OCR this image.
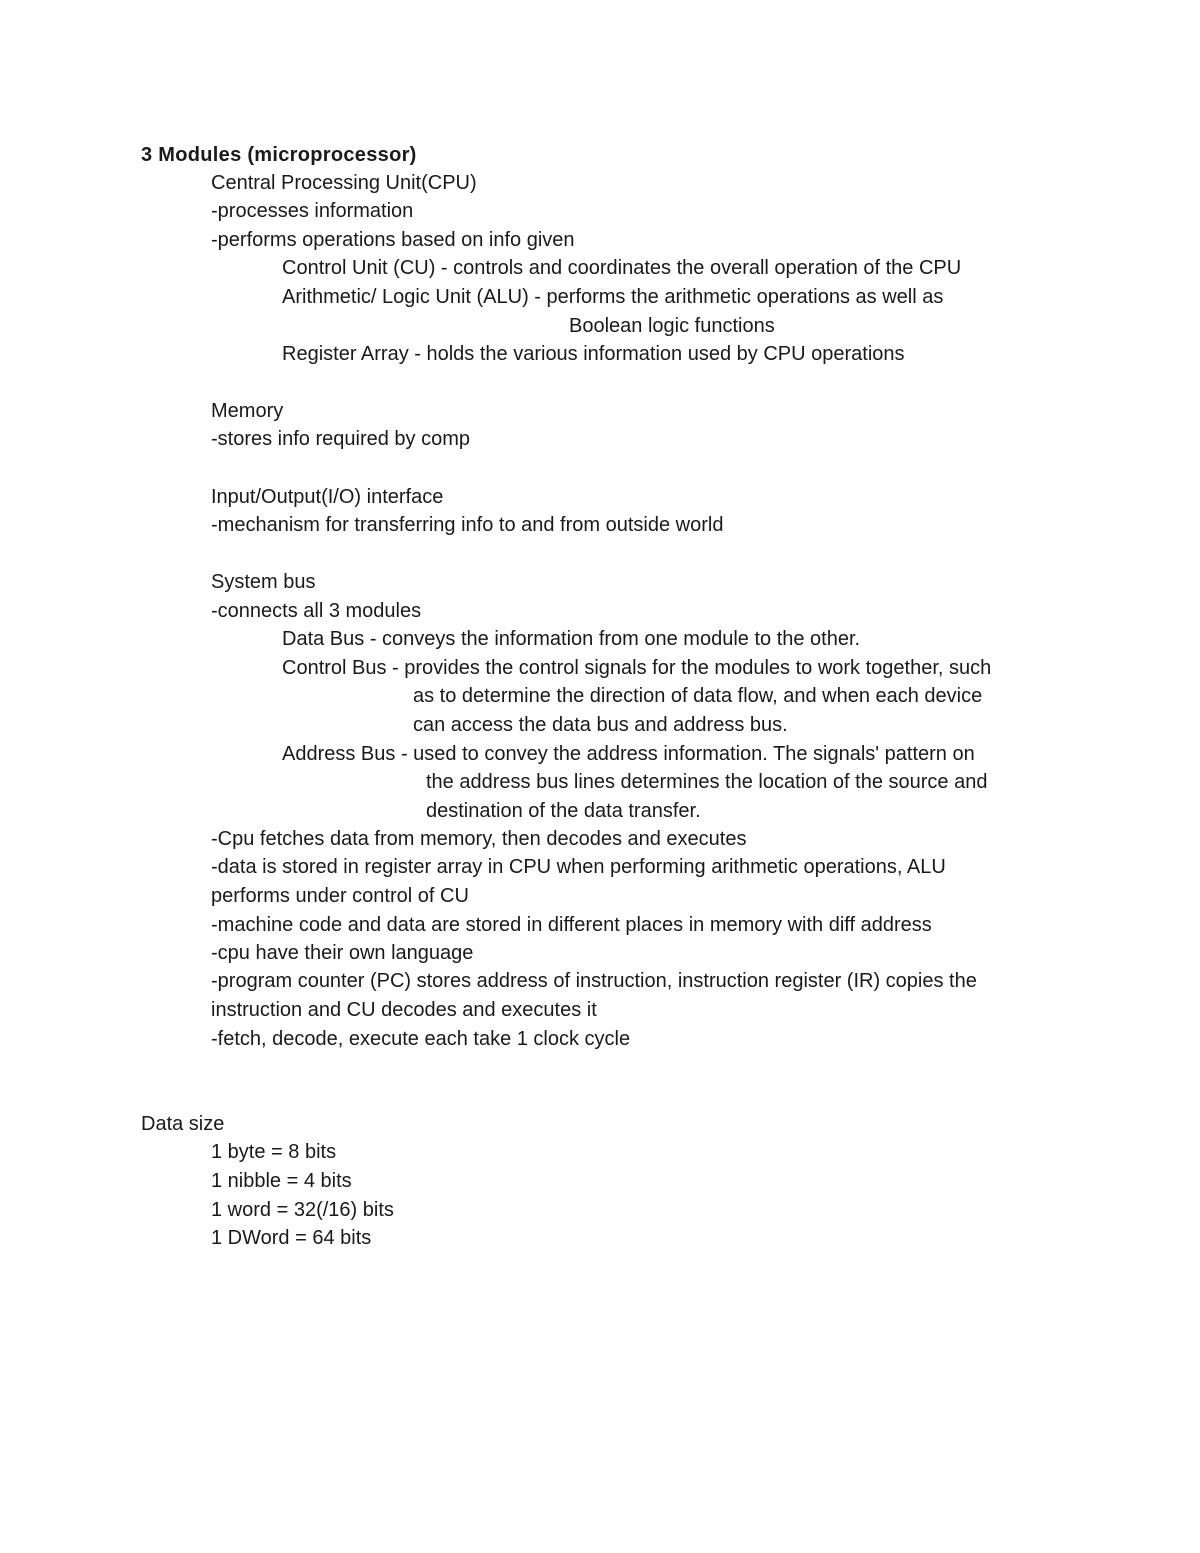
3 Modules (microprocessor)
Central Processing Unit(CPU)
-processes information
-performs operations based on info given
Control Unit (CU) - controls and coordinates the overall operation of the CPU
Arithmetic/ Logic Unit (ALU) - performs the arithmetic operations as well as
Boolean logic functions
Register Array - holds the various information used by CPU operations
Memory
-stores info required by comp
Input/Output(I/O) interface
-mechanism for transferring info to and from outside world
System bus
-connects all 3 modules
Data Bus - conveys the information from one module to the other.
Control Bus - provides the control signals for the modules to work together, such
as to determine the direction of data flow, and when each device
can access the data bus and address bus.
Address Bus - used to convey the address information. The signals' pattern on
the address bus lines determines the location of the source and
destination of the data transfer.
-Cpu fetches data from memory, then decodes and executes
-data is stored in register array in CPU when performing arithmetic operations, ALU
performs under control of CU
-machine code and data are stored in different places in memory with diff address
-cpu have their own language
-program counter (PC) stores address of instruction, instruction register (IR) copies the
instruction and CU decodes and executes it
-fetch, decode, execute each take 1 clock cycle
Data size
1 byte = 8 bits
1 nibble = 4 bits
1 word = 32(/16) bits
1 DWord = 64 bits
